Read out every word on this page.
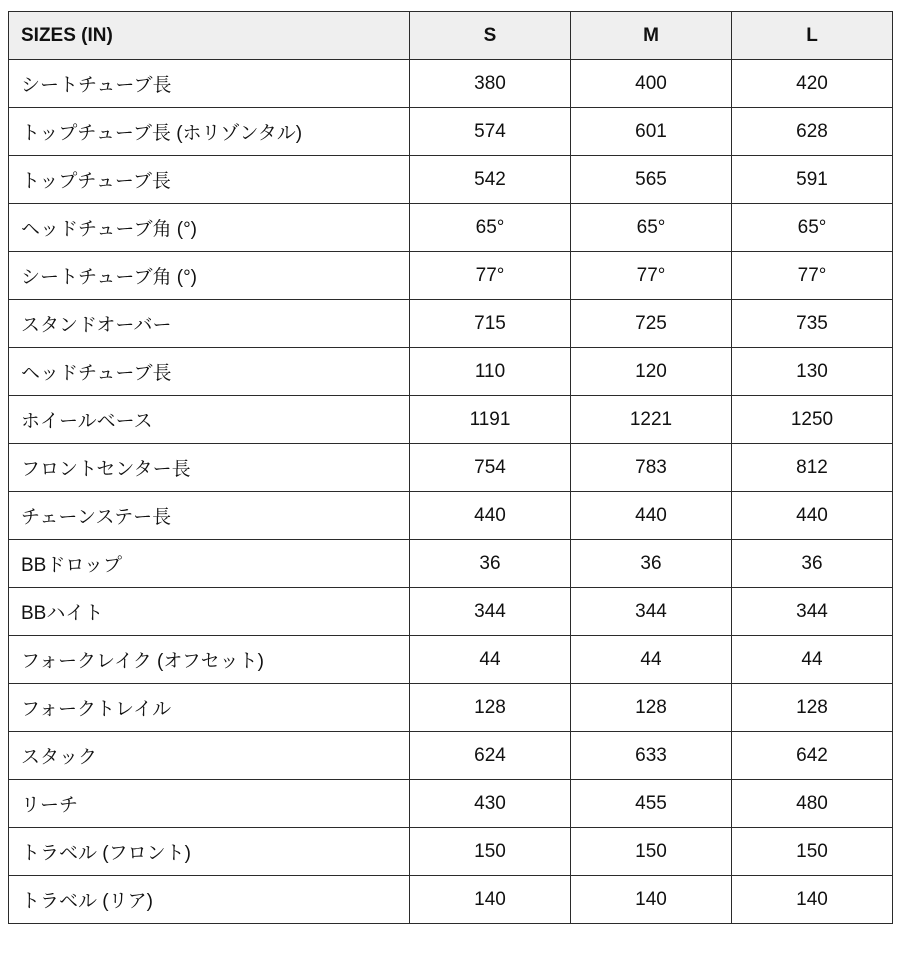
SIZES (IN)	S	M	L
シートチューブ長	380	400	420
トップチューブ長 (ホリゾンタル)	574	601	628
トップチューブ長	542	565	591
ヘッドチューブ角 (°)	65°	65°	65°
シートチューブ角 (°)	77°	77°	77°
スタンドオーバー	715	725	735
ヘッドチューブ長	110	120	130
ホイールベース	1191	1221	1250
フロントセンター長	754	783	812
チェーンステー長	440	440	440
BBドロップ	36	36	36
BBハイト	344	344	344
フォークレイク (オフセット)	44	44	44
フォークトレイル	128	128	128
スタック	624	633	642
リーチ	430	455	480
トラベル (フロント)	150	150	150
トラベル (リア)	140	140	140
